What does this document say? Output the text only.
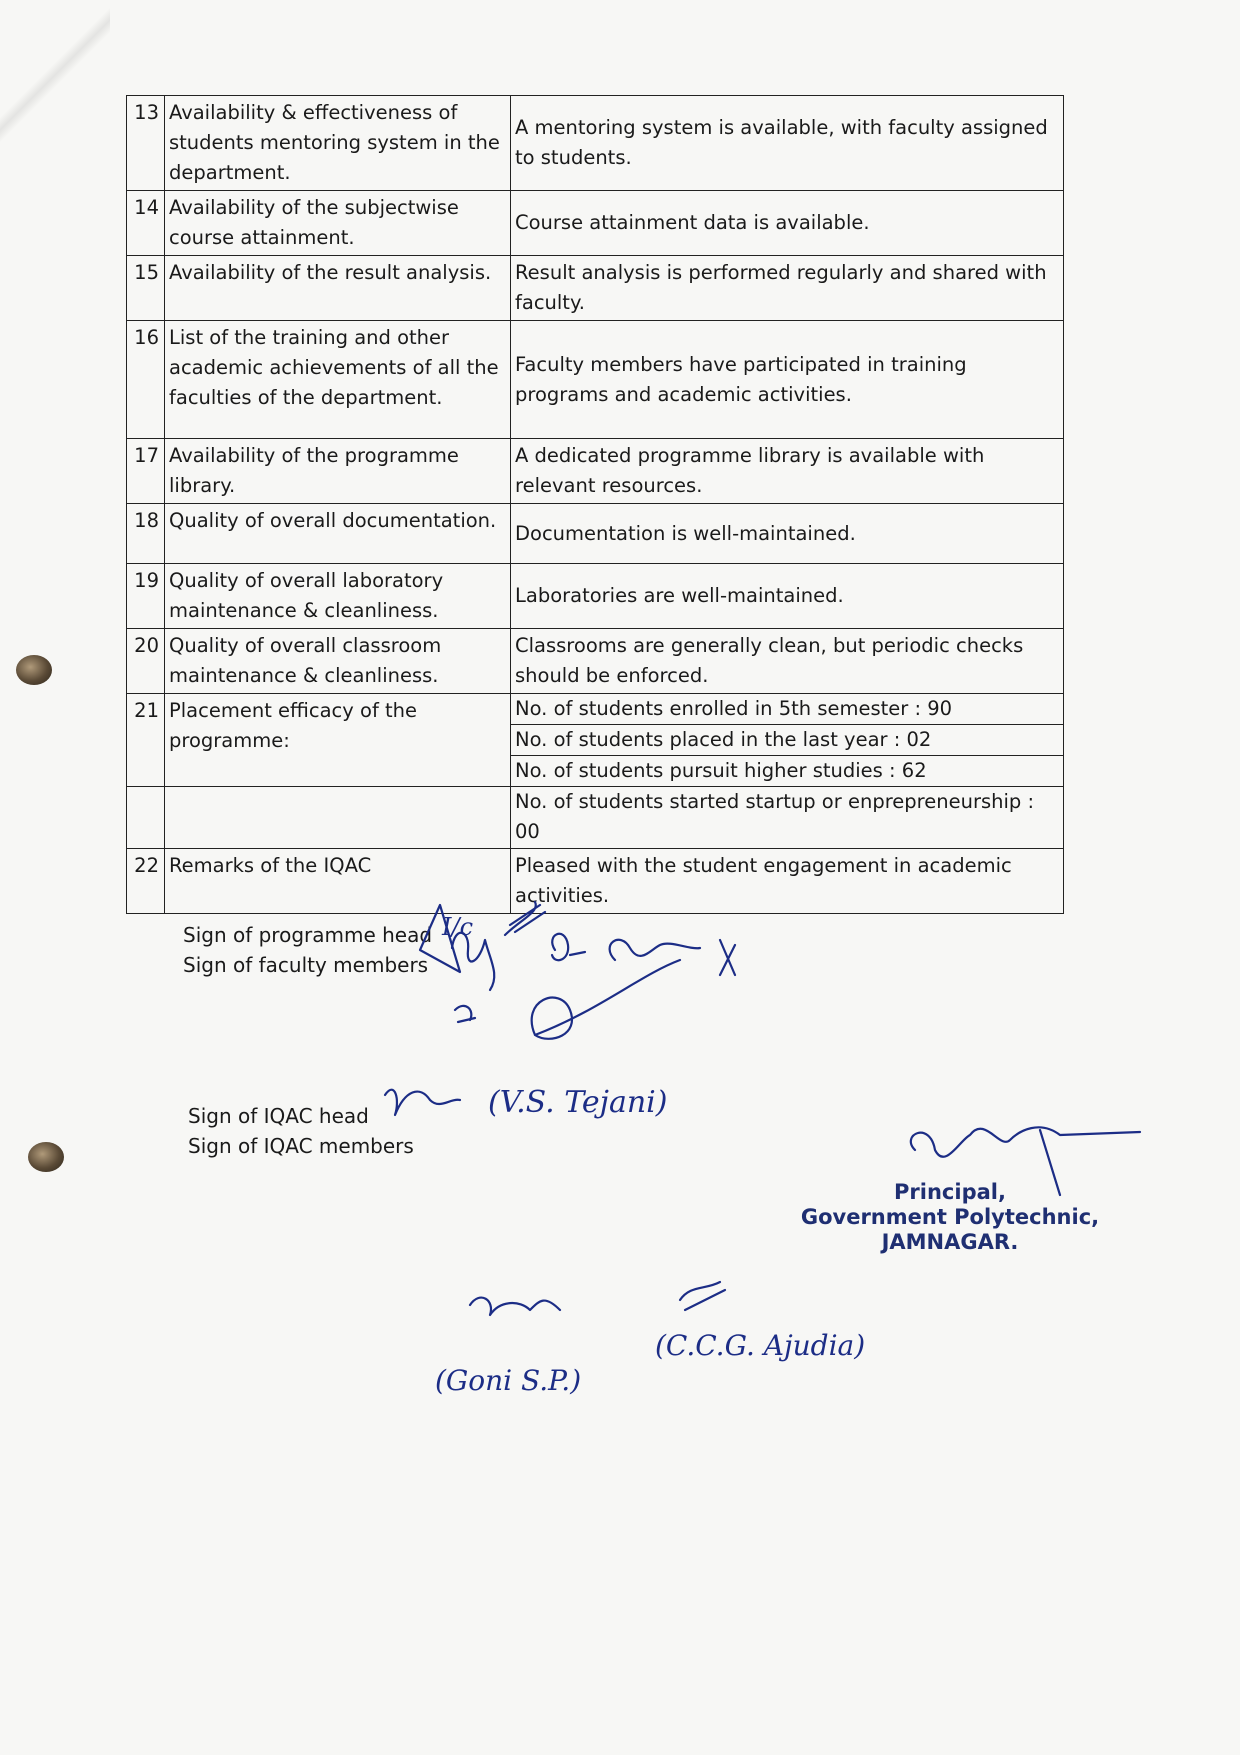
13	Availability & effectiveness of students mentoring system in the department.	A mentoring system is available, with faculty assigned to students.
14	Availability of the subjectwise course attainment.	Course attainment data is available.
15	Availability of the result analysis.	Result analysis is performed regularly and shared with faculty.
16	List of the training and other academic achievements of all the faculties of the department.	Faculty members have participated in training programs and academic activities.
17	Availability of the programme library.	A dedicated programme library is available with relevant resources.
18	Quality of overall documentation.	Documentation is well-maintained.
19	Quality of overall laboratory maintenance & cleanliness.	Laboratories are well-maintained.
20	Quality of overall classroom maintenance & cleanliness.	Classrooms are generally clean, but periodic checks should be enforced.
21	Placement efficacy of the programme:	No. of students enrolled in 5th semester : 90
		No. of students placed in the last year : 02
		No. of students pursuit higher studies : 62
		No. of students started startup or enprepreneurship : 00
22	Remarks of the IQAC	Pleased with the student engagement in academic activities.
Sign of programme head
Sign of faculty members
Sign of IQAC head
Sign of IQAC members
I/c
(V.S. Tejani)
(Goni S.P.)
(C.C.G. Ajudia)
Principal,
Government Polytechnic,
JAMNAGAR.
